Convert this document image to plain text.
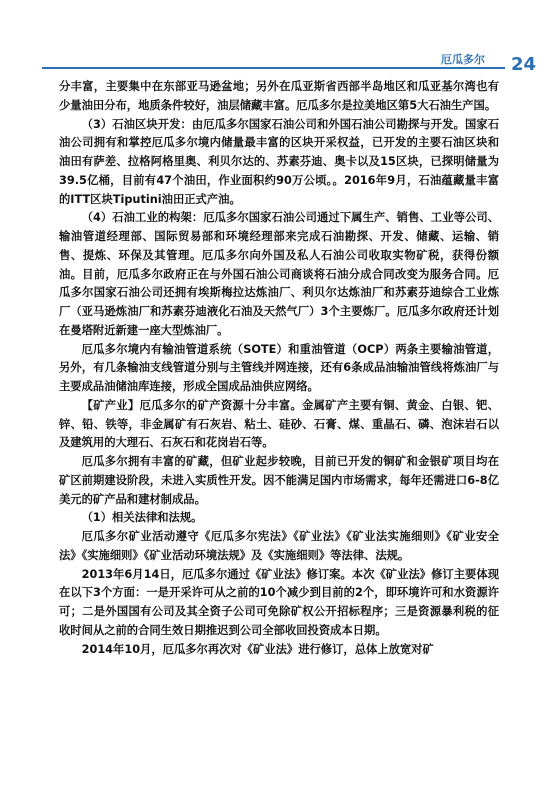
厄瓜多尔 24

分丰富，主要集中在东部亚马逊盆地；另外在瓜亚斯省西部半岛地区和瓜亚基尔湾也有少量油田分布，地质条件较好，油层储藏丰富。厄瓜多尔是拉美地区第5大石油生产国。

（3）石油区块开发：由厄瓜多尔国家石油公司和外国石油公司勘探与开发。国家石油公司拥有和掌控厄瓜多尔境内储量最丰富的区块开采权益，已开发的主要石油区块和油田有萨差、拉格阿格里奥、利贝尔达的、苏素芬迪、奥卡以及15区块，已探明储量为39.5亿桶，目前有47个油田，作业面积约90万公顷。。2016年9月，石油蕴藏量丰富的ITT区块Tiputini油田正式产油。

（4）石油工业的构架：厄瓜多尔国家石油公司通过下属生产、销售、工业等公司、输油管道经理部、国际贸易部和环境经理部来完成石油勘探、开发、储藏、运输、销售、提炼、环保及其管理。厄瓜多尔向外国及私人石油公司收取实物矿税，获得份额油。目前，厄瓜多尔政府正在与外国石油公司商谈将石油分成合同改变为服务合同。厄瓜多尔国家石油公司还拥有埃斯梅拉达炼油厂、利贝尔达炼油厂和苏素芬迪综合工业炼厂（亚马逊炼油厂和苏素芬迪液化石油及天然气厂）3个主要炼厂。厄瓜多尔政府还计划在曼塔附近新建一座大型炼油厂。

厄瓜多尔境内有输油管道系统（SOTE）和重油管道（OCP）两条主要输油管道，另外，有几条输油支线管道分别与主管线并网连接，还有6条成品油输油管线将炼油厂与主要成品油储油库连接，形成全国成品油供应网络。

【矿产业】厄瓜多尔的矿产资源十分丰富。金属矿产主要有铜、黄金、白银、钯、锌、铅、铁等，非金属矿有石灰岩、粘土、硅砂、石膏、煤、重晶石、磷、泡沫岩石以及建筑用的大理石、石灰石和花岗岩石等。

厄瓜多尔拥有丰富的矿藏，但矿业起步较晚，目前已开发的铜矿和金银矿项目均在矿区前期建设阶段，未进入实质性开发。因不能满足国内市场需求，每年还需进口6-8亿美元的矿产品和建材制成品。

（1）相关法律和法规。

厄瓜多尔矿业活动遵守《厄瓜多尔宪法》《矿业法》《矿业法实施细则》《矿业安全法》《实施细则》《矿业活动环境法规》及《实施细则》等法律、法规。

2013年6月14日，厄瓜多尔通过《矿业法》修订案。本次《矿业法》修订主要体现在以下3个方面：一是开采许可从之前的10个减少到目前的2个，即环境许可和水资源许可；二是外国国有公司及其全资子公司可免除矿权公开招标程序；三是资源暴利税的征收时间从之前的合同生效日期推迟到公司全部收回投资成本日期。

2014年10月，厄瓜多尔再次对《矿业法》进行修订，总体上放宽对矿
